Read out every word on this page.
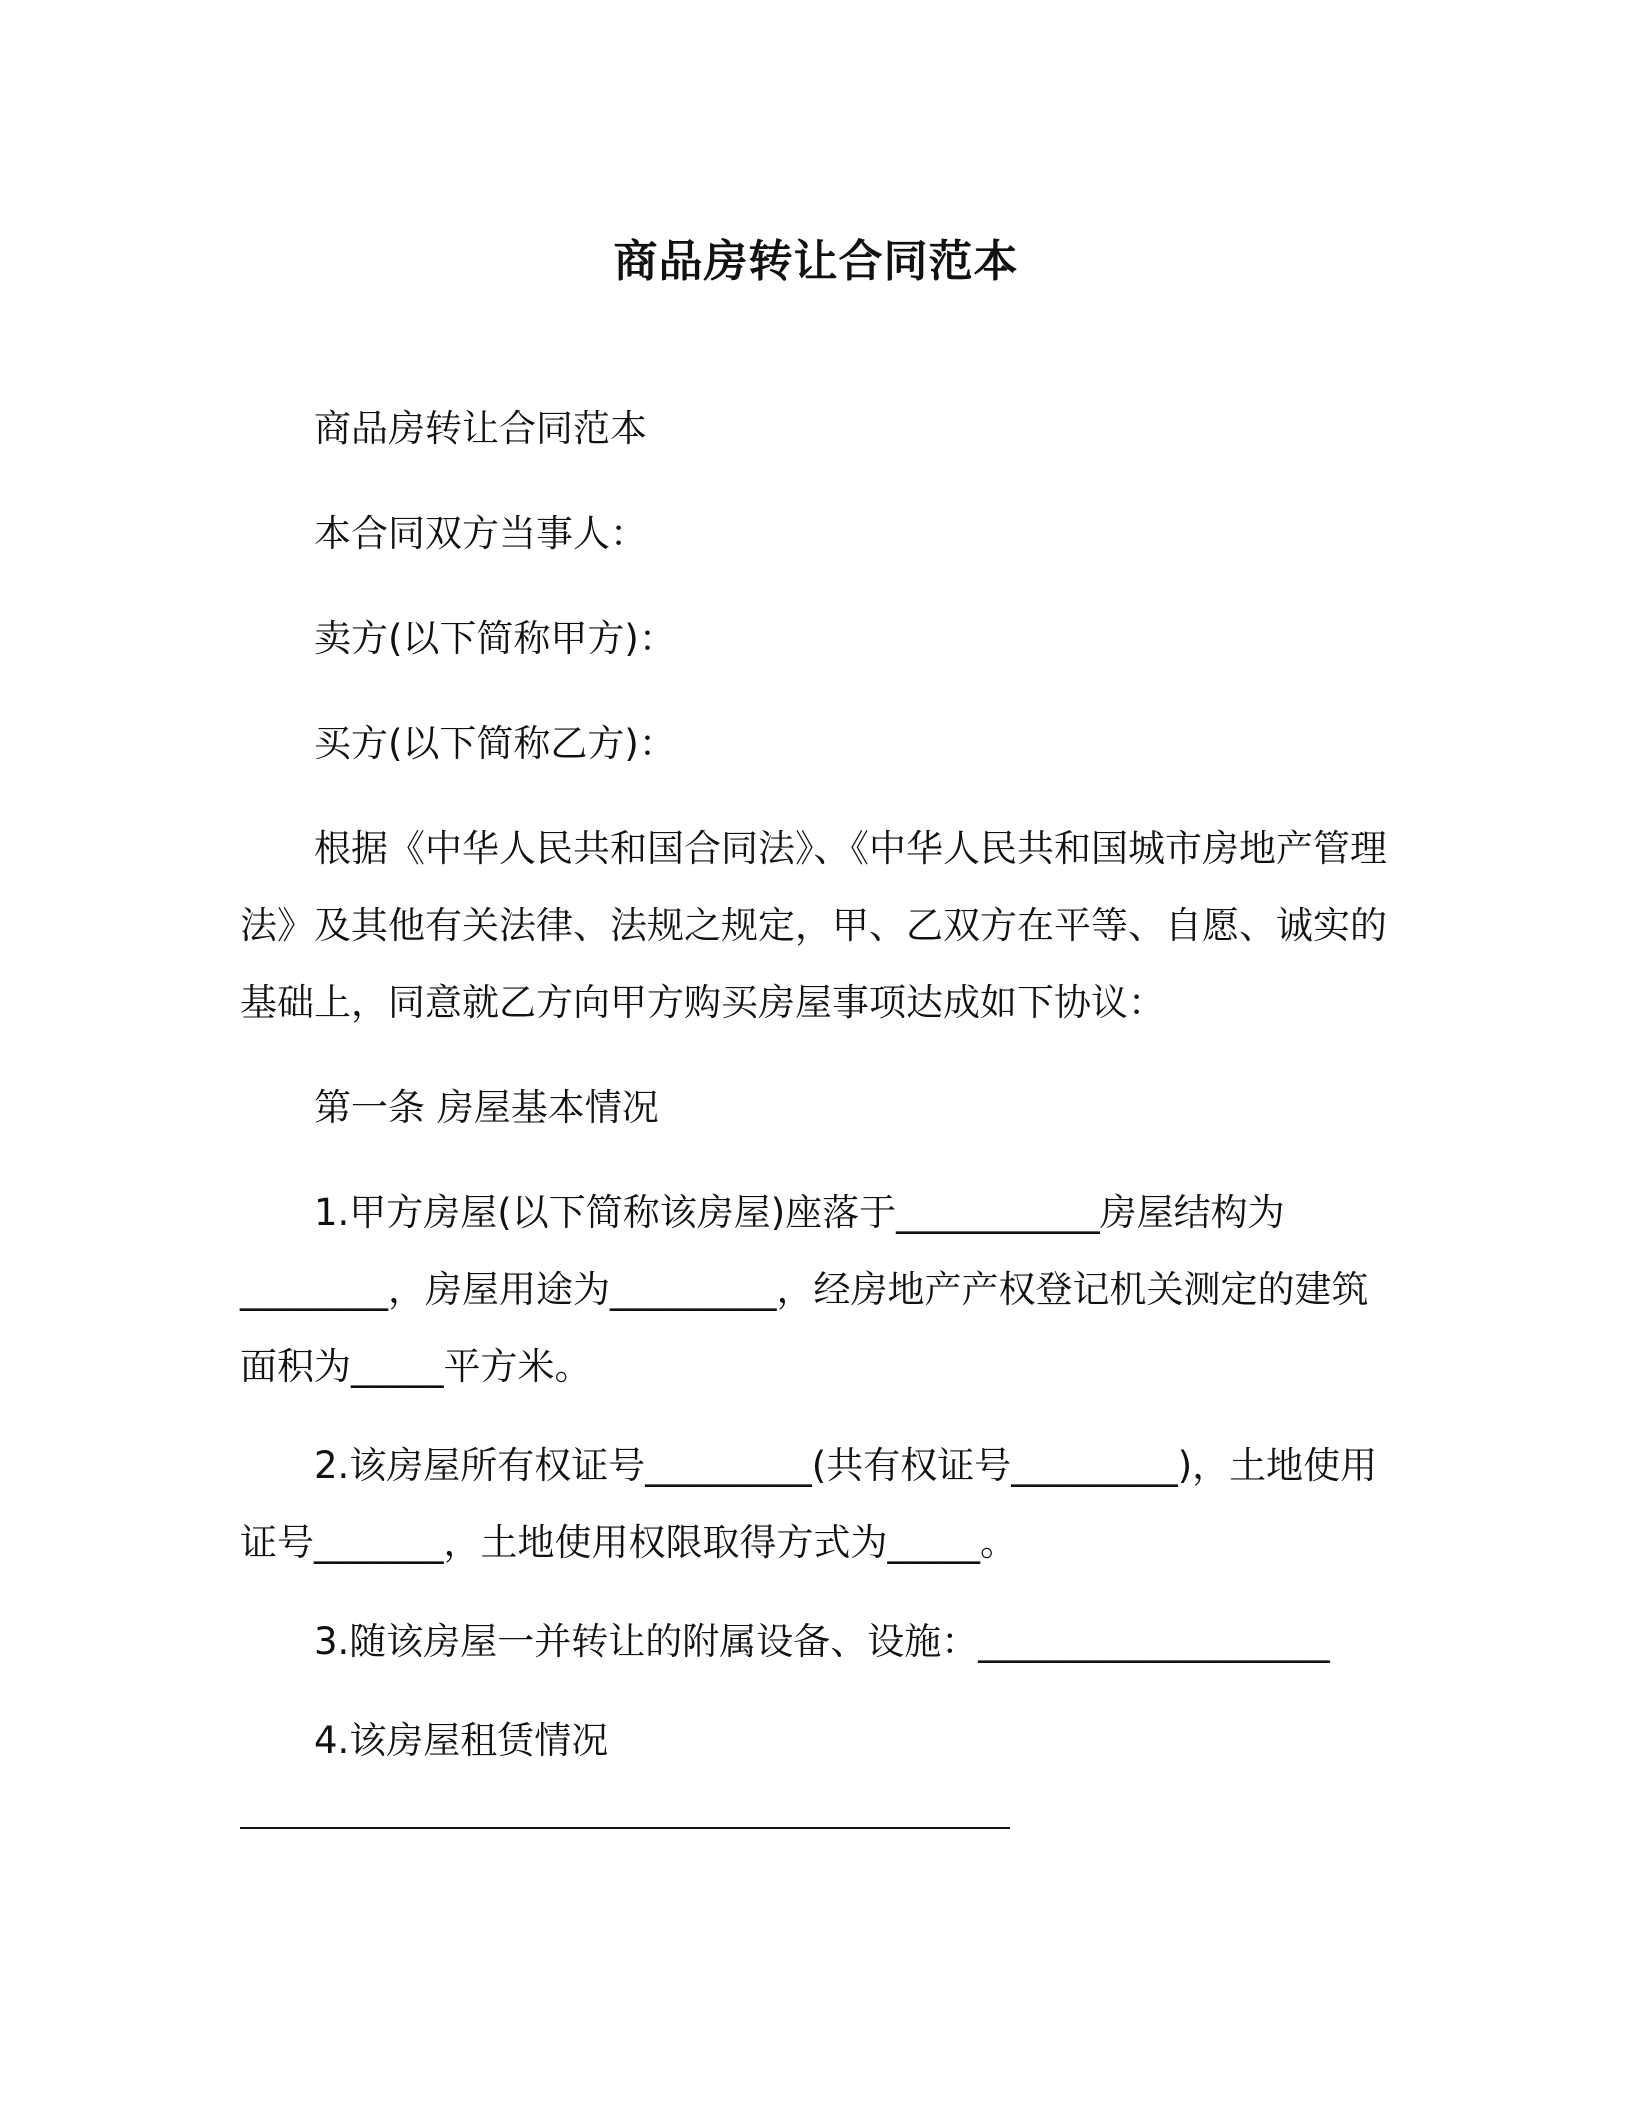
商品房转让合同范本

商品房转让合同范本

本合同双方当事人：

卖方(以下简称甲方)：

买方(以下简称乙方)：

根据《中华人民共和国合同法》、《中华人民共和国城市房地产管理法》及其他有关法律、法规之规定，甲、乙双方在平等、自愿、诚实的基础上，同意就乙方向甲方购买房屋事项达成如下协议：

第一条 房屋基本情况

1.甲方房屋(以下简称该房屋)座落于___________房屋结构为________，房屋用途为_________，经房地产产权登记机关测定的建筑面积为_____平方米。

2.该房屋所有权证号_________(共有权证号_________)，土地使用证号_______，土地使用权限取得方式为_____。

3.随该房屋一并转让的附属设备、设施：___________________

4.该房屋租赁情况
